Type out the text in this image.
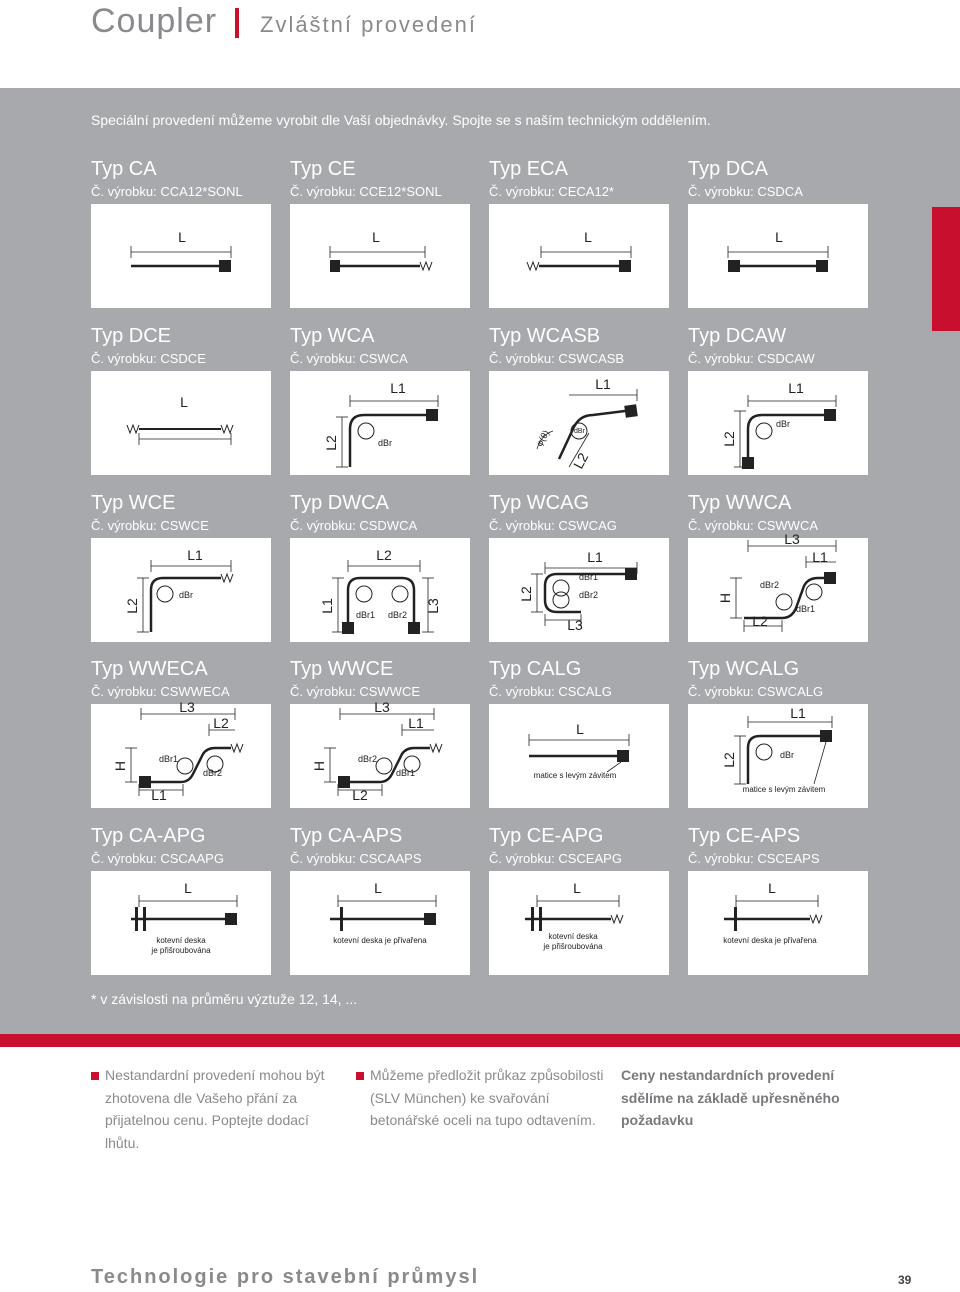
Coupler Zvláštní provedení
Speciální provedení můžeme vyrobit dle Vaší objednávky. Spojte se s naším technickým oddělením.
Typ CA
Č. výrobku: CCA12*SONL
L
Typ CE
Č. výrobku: CCE12*SONL
L
Typ ECA
Č. výrobku: CECA12*
L
Typ DCA
Č. výrobku: CSDCA
L
Typ DCE
Č. výrobku: CSDCE
L
Typ WCA
Č. výrobku: CSWCA
L1
L2	dBr
Typ WCASB
Č. výrobku: CSWCASB
L1
dBr
φ(θ)
L2
Typ DCAW
Č. výrobku: CSDCAW
L1
L2
dBr
Typ WCE
Č. výrobku: CSWCE
L1
L2
dBr
Typ DWCA
Č. výrobku: CSDWCA
L2
L1	L3
dBr1 dBr2
Typ WCAG
Č. výrobku: CSWCAG
L1
L2
dBr1
dBr2
L3
Typ WWCA
Č. výrobku: CSWWCA
L3
L1
H
dBr2
dBr1
L2
Typ WWECA
Č. výrobku: CSWWECA
L3
L2
H
dBr1
dBr2
L1
Typ WWCE
Č. výrobku: CSWWCE
L3
L1
H
dBr2
dBr1
L2
Typ CALG
Č. výrobku: CSCALG
L
matice s levým závitem
Typ WCALG
Č. výrobku: CSWCALG
L1
L2	dBr
matice s levým závitem
Typ CA-APG
Č. výrobku: CSCAAPG
L
kotevní deska
je přišroubována
Typ CA-APS
Č. výrobku: CSCAAPS
L
kotevní deska je přivařena
Typ CE-APG
Č. výrobku: CSCEAPG
L
kotevní deska
je přišroubována
Typ CE-APS
Č. výrobku: CSCEAPS
L
kotevní deska je přivařena
* v závislosti na průměru výztuže 12, 14, ...
Nestandardní provedení mohou být zhotovena dle Vašeho přání za přijatelnou cenu. Poptejte dodací lhůtu.
Můžeme předložit průkaz způsobilosti (SLV München) ke svařování betonářské oceli na tupo odtavením.
Ceny nestandardních provedení sdělíme na základě upřesněného požadavku
Technologie pro stavební průmysl	39
